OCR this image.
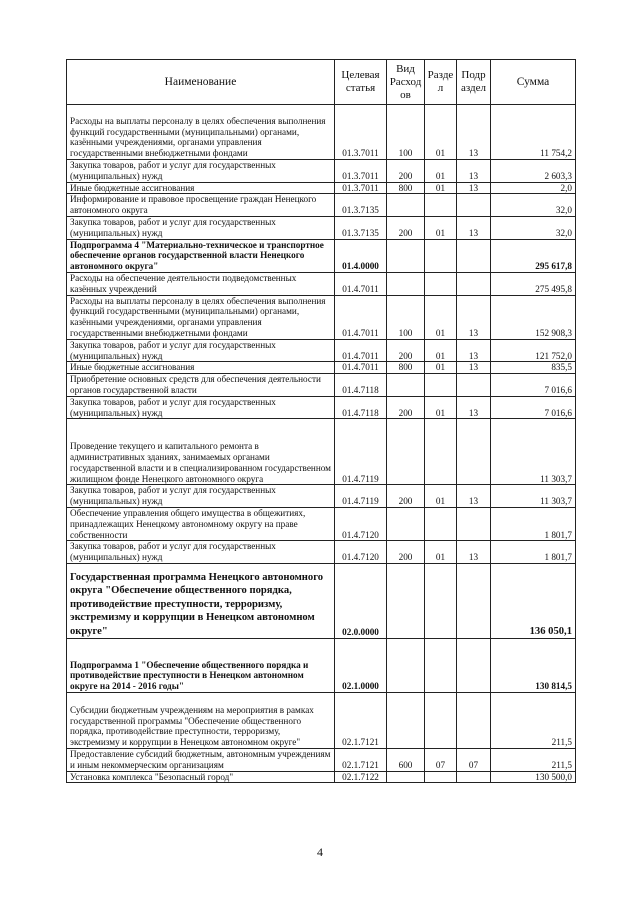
Наименование	Целевая статья	Вид Расход ов	Разде л	Подр аздел	Сумма
Расходы на выплаты персоналу в целях обеспечения выполнения функций государственными (муниципальными) органами, казёнными учреждениями, органами управления государственными внебюджетными фондами	01.3.7011	100	01	13	11 754,2
Закупка товаров, работ и услуг для государственных (муниципальных) нужд	01.3.7011	200	01	13	2 603,3
Иные бюджетные ассигнования	01.3.7011	800	01	13	2,0
Информирование и правовое просвещение граждан Ненецкого автономного округа	01.3.7135				32,0
Закупка товаров, работ и услуг для государственных (муниципальных) нужд	01.3.7135	200	01	13	32,0
Подпрограмма 4 "Материально-техническое и транспортное обеспечение органов государственной власти Ненецкого автономного округа"	01.4.0000				295 617,8
Расходы на обеспечение деятельности подведомственных казённых учреждений	01.4.7011				275 495,8
Расходы на выплаты персоналу в целях обеспечения выполнения функций государственными (муниципальными) органами, казёнными учреждениями, органами управления государственными внебюджетными фондами	01.4.7011	100	01	13	152 908,3
Закупка товаров, работ и услуг для государственных (муниципальных) нужд	01.4.7011	200	01	13	121 752,0
Иные бюджетные ассигнования	01.4.7011	800	01	13	835,5
Приобретение основных средств для обеспечения деятельности органов государственной власти	01.4.7118				7 016,6
Закупка товаров, работ и услуг для государственных (муниципальных) нужд	01.4.7118	200	01	13	7 016,6
Проведение текущего и капитального ремонта в административных зданиях, занимаемых органами государственной власти и в специализированном государственном жилищном фонде Ненецкого автономного округа	01.4.7119				11 303,7
Закупка товаров, работ и услуг для государственных (муниципальных) нужд	01.4.7119	200	01	13	11 303,7
Обеспечение управления общего имущества в общежитиях, принадлежащих Ненецкому автономному округу на праве собственности	01.4.7120				1 801,7
Закупка товаров, работ и услуг для государственных (муниципальных) нужд	01.4.7120	200	01	13	1 801,7
Государственная программа Ненецкого автономного округа "Обеспечение общественного порядка, противодействие преступности, терроризму, экстремизму и коррупции в Ненецком автономном округе"	02.0.0000				136 050,1
Подпрограмма 1 "Обеспечение общественного порядка и противодействие преступности в Ненецком автономном округе на 2014 - 2016 годы"	02.1.0000				130 814,5
Субсидии бюджетным учреждениям на мероприятия в рамках государственной программы "Обеспечение общественного порядка, противодействие преступности, терроризму, экстремизму и коррупции в Ненецком автономном округе"	02.1.7121				211,5
Предоставление субсидий бюджетным, автономным учреждениям и иным некоммерческим организациям	02.1.7121	600	07	07	211,5
Установка комплекса "Безопасный город"	02.1.7122				130 500,0
4
